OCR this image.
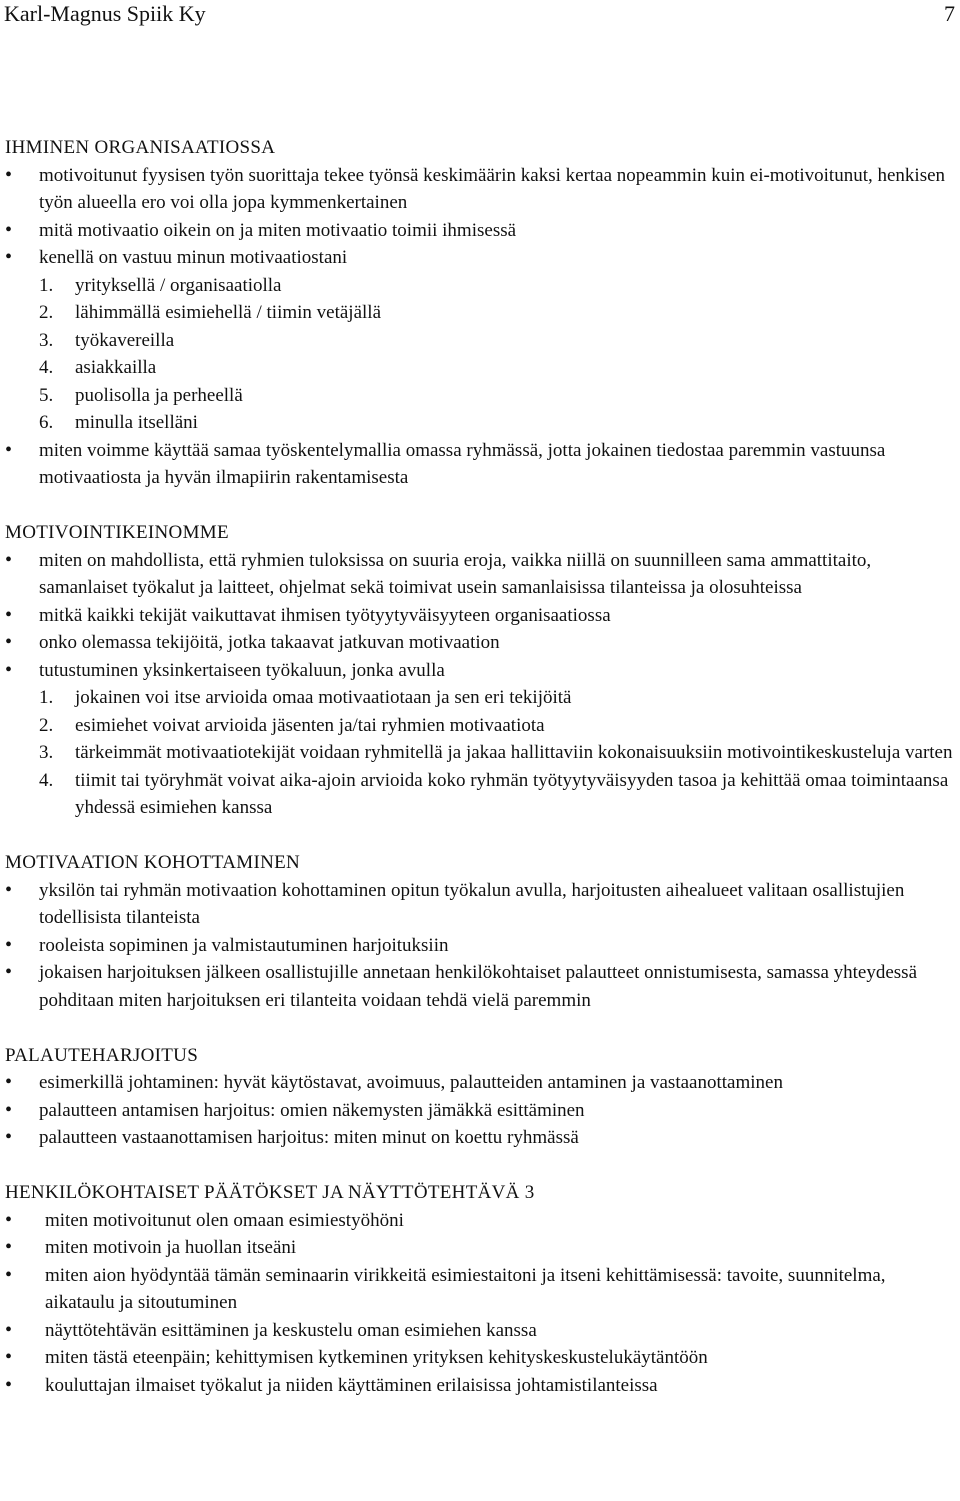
Karl-Magnus Spiik Ky	7
IHMINEN ORGANISAATIOSSA
• motivoitunut fyysisen työn suorittaja tekee työnsä keskimäärin kaksi kertaa nopeammin kuin ei-motivoitunut, henkisen työn alueella ero voi olla jopa kymmenkertainen
• mitä motivaatio oikein on ja miten motivaatio toimii ihmisessä
• kenellä on vastuu minun motivaatiostani
1. yrityksellä / organisaatiolla
2. lähimmällä esimiehellä / tiimin vetäjällä
3. työkavereilla
4. asiakkailla
5. puolisolla ja perheellä
6. minulla itselläni
• miten voimme käyttää samaa työskentelymallia omassa ryhmässä, jotta jokainen tiedostaa paremmin vastuunsa motivaatiosta ja hyvän ilmapiirin rakentamisesta
MOTIVOINTIKEINOMME
• miten on mahdollista, että ryhmien tuloksissa on suuria eroja, vaikka niillä on suunnilleen sama ammattitaito, samanlaiset työkalut ja laitteet, ohjelmat sekä toimivat usein samanlaisissa tilanteissa ja olosuhteissa
• mitkä kaikki tekijät vaikuttavat ihmisen työtyytyväisyyteen organisaatiossa
• onko olemassa tekijöitä, jotka takaavat jatkuvan motivaation
• tutustuminen yksinkertaiseen työkaluun, jonka avulla
1. jokainen voi itse arvioida omaa motivaatiotaan ja sen eri tekijöitä
2. esimiehet voivat arvioida jäsenten ja/tai ryhmien motivaatiota
3. tärkeimmät motivaatiotekijät voidaan ryhmitellä ja jakaa hallittaviin kokonaisuuksiin motivointikeskusteluja varten
4. tiimit tai työryhmät voivat aika-ajoin arvioida koko ryhmän työtyytyväisyyden tasoa ja kehittää omaa toimintaansa yhdessä esimiehen kanssa
MOTIVAATION KOHOTTAMINEN
• yksilön tai ryhmän motivaation kohottaminen opitun työkalun avulla, harjoitusten aihealueet valitaan osallistujien todellisista tilanteista
• rooleista sopiminen ja valmistautuminen harjoituksiin
• jokaisen harjoituksen jälkeen osallistujille annetaan henkilökohtaiset palautteet onnistumisesta, samassa yhteydessä pohditaan miten harjoituksen eri tilanteita voidaan tehdä vielä paremmin
PALAUTEHARJOITUS
• esimerkillä johtaminen: hyvät käytöstavat, avoimuus, palautteiden antaminen ja vastaanottaminen
• palautteen antamisen harjoitus: omien näkemysten jämäkkä esittäminen
• palautteen vastaanottamisen harjoitus: miten minut on koettu ryhmässä
HENKILÖKOHTAISET PÄÄTÖKSET JA NÄYTTÖTEHTÄVÄ 3
• miten motivoitunut olen omaan esimiestyöhöni
• miten motivoin ja huollan itseäni
• miten aion hyödyntää tämän seminaarin virikkeitä esimiestaitoni ja itseni kehittämisessä: tavoite, suunnitelma, aikataulu ja sitoutuminen
• näyttötehtävän esittäminen ja keskustelu oman esimiehen kanssa
• miten tästä eteenpäin; kehittymisen kytkeminen yrityksen kehityskeskustelukäytäntöön
• kouluttajan ilmaiset työkalut ja niiden käyttäminen erilaisissa johtamistilanteissa
